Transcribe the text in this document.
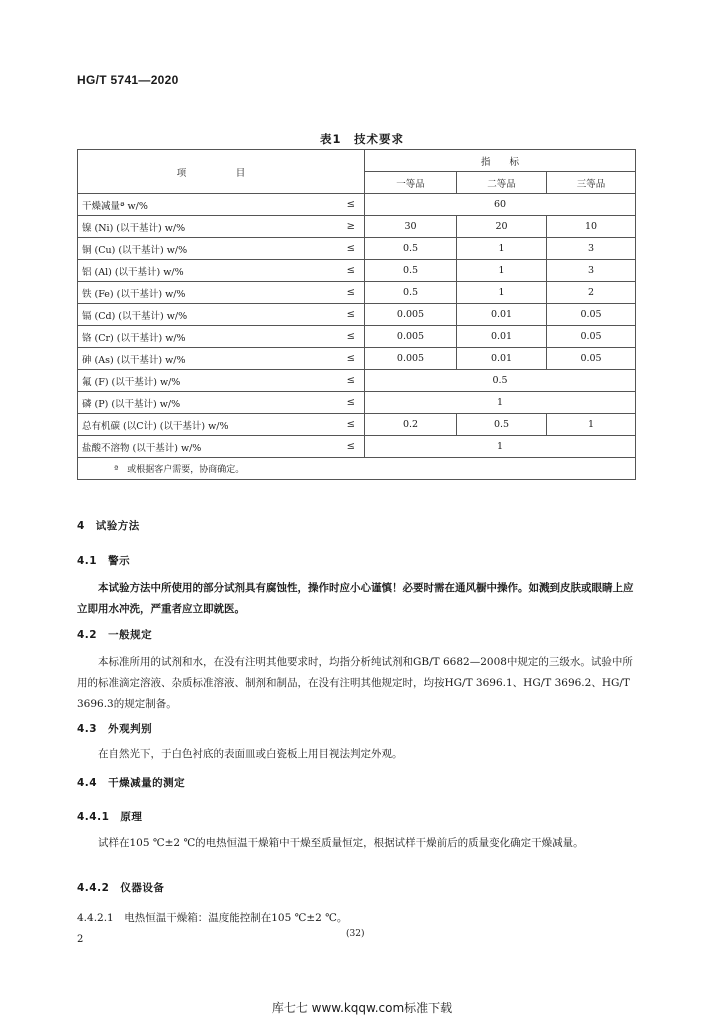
HG/T 5741—2020
表1　技术要求
项　目		指　　标		
		一等品	二等品	三等品
干燥减量ª w/%	≤	60		
镍 (Ni) (以干基计) w/%	≥	30	20	10
铜 (Cu) (以干基计) w/%	≤	0.5	1	3
铝 (Al) (以干基计) w/%	≤	0.5	1	3
铁 (Fe) (以干基计) w/%	≤	0.5	1	2
镉 (Cd) (以干基计) w/%	≤	0.005	0.01	0.05
铬 (Cr) (以干基计) w/%	≤	0.005	0.01	0.05
砷 (As) (以干基计) w/%	≤	0.005	0.01	0.05
氟 (F) (以干基计) w/%	≤	0.5		
磷 (P) (以干基计) w/%	≤	1		
总有机碳 (以C计) (以干基计) w/%	≤	0.2	0.5	1
盐酸不溶物 (以干基计) w/%	≤	1		
ª　或根据客户需要，协商确定。				
4　试验方法
4.1　警示
本试验方法中所使用的部分试剂具有腐蚀性，操作时应小心谨慎！必要时需在通风橱中操作。如溅到皮肤或眼睛上应立即用水冲洗，严重者应立即就医。
4.2　一般规定
本标准所用的试剂和水，在没有注明其他要求时，均指分析纯试剂和GB/T 6682—2008中规定的三级水。试验中所用的标准滴定溶液、杂质标准溶液、制剂和制品，在没有注明其他规定时，均按HG/T 3696.1、HG/T 3696.2、HG/T 3696.3的规定制备。
4.3　外观判别
在自然光下，于白色衬底的表面皿或白瓷板上用目视法判定外观。
4.4　干燥减量的测定
4.4.1　原理
试样在105 ℃±2 ℃的电热恒温干燥箱中干燥至质量恒定，根据试样干燥前后的质量变化确定干燥减量。
4.4.2　仪器设备
4.4.2.1　电热恒温干燥箱：温度能控制在105 ℃±2 ℃。
2	(32)
库七七 www.kqqw.com标准下载
